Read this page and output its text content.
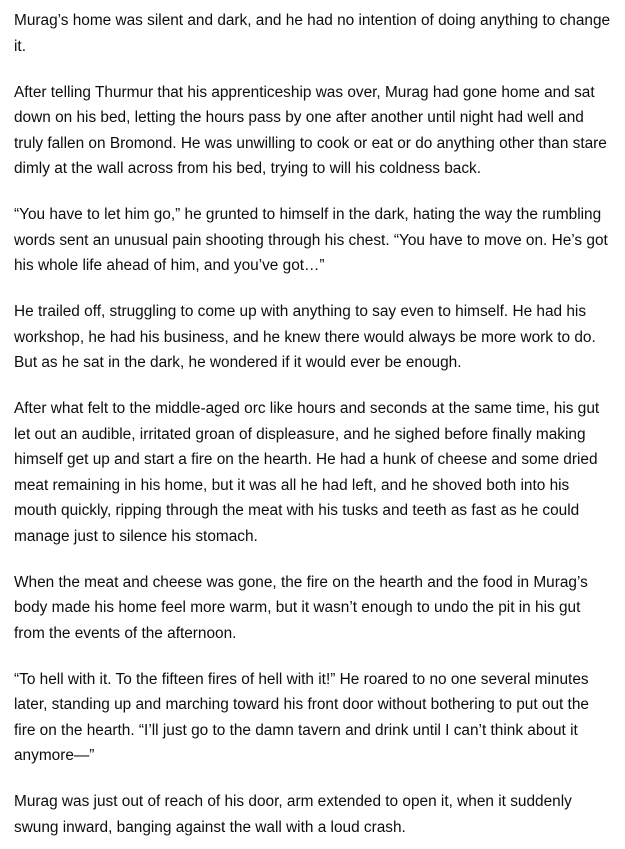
Murag’s home was silent and dark, and he had no intention of doing anything to change it.

After telling Thurmur that his apprenticeship was over, Murag had gone home and sat down on his bed, letting the hours pass by one after another until night had well and truly fallen on Bromond. He was unwilling to cook or eat or do anything other than stare dimly at the wall across from his bed, trying to will his coldness back.

“You have to let him go,” he grunted to himself in the dark, hating the way the rumbling words sent an unusual pain shooting through his chest. “You have to move on. He’s got his whole life ahead of him, and you’ve got…”

He trailed off, struggling to come up with anything to say even to himself. He had his workshop, he had his business, and he knew there would always be more work to do. But as he sat in the dark, he wondered if it would ever be enough.

After what felt to the middle-aged orc like hours and seconds at the same time, his gut let out an audible, irritated groan of displeasure, and he sighed before finally making himself get up and start a fire on the hearth. He had a hunk of cheese and some dried meat remaining in his home, but it was all he had left, and he shoved both into his mouth quickly, ripping through the meat with his tusks and teeth as fast as he could manage just to silence his stomach.

When the meat and cheese was gone, the fire on the hearth and the food in Murag’s body made his home feel more warm, but it wasn’t enough to undo the pit in his gut from the events of the afternoon.

“To hell with it. To the fifteen fires of hell with it!” He roared to no one several minutes later, standing up and marching toward his front door without bothering to put out the fire on the hearth. “I’ll just go to the damn tavern and drink until I can’t think about it anymore—”

Murag was just out of reach of his door, arm extended to open it, when it suddenly swung inward, banging against the wall with a loud crash.
